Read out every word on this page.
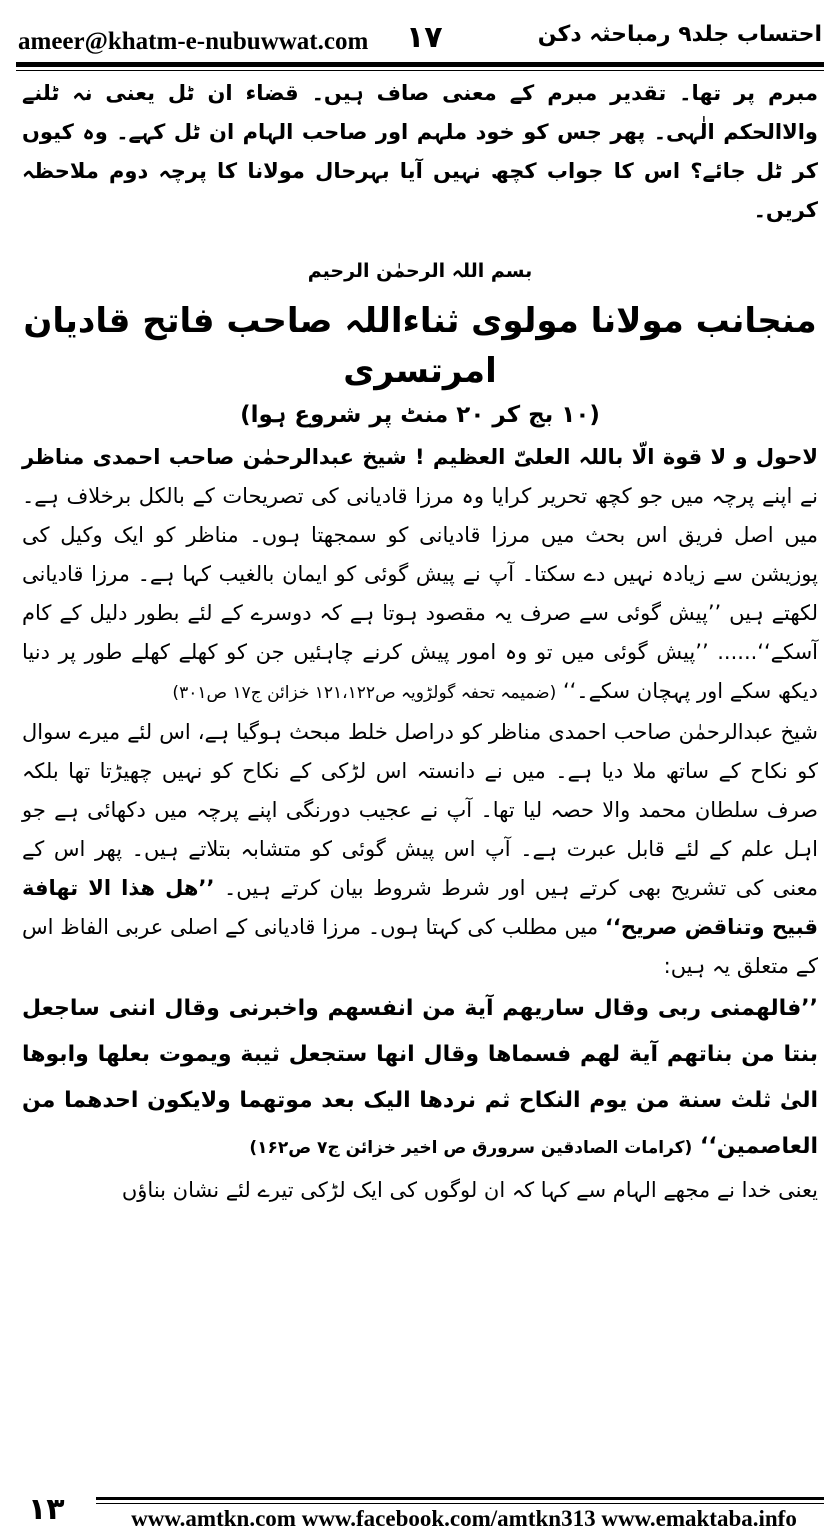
ameer@khatm-e-nubuwwat.com ۱۷	احتساب جلد۹ رمباحثہ دکن

مبرم پر تھا۔ تقدیر مبرم کے معنی صاف ہیں۔ قضاء ان ٹل یعنی نہ ٹلنے والاالحکم الٰہی۔ پھر جس کو خود ملہم اور صاحب الہام ان ٹل کہے۔ وہ کیوں کر ٹل جائے؟ اس کا جواب کچھ نہیں آیا بہرحال مولانا کا پرچہ دوم ملاحظہ کریں۔

بسم اللہ الرحمٰن الرحیم
منجانب مولانا مولوی ثناءاللہ صاحب فاتح قادیان امرتسری
(۱۰ بج کر ۲۰ منٹ پر شروع ہوا)

لاحول و لا قوة الّا باللہ العلیّ العظیم ! شیخ عبدالرحمٰن صاحب احمدی مناظر نے اپنے پرچہ میں جو کچھ تحریر کرایا وہ مرزا قادیانی کی تصریحات کے بالکل برخلاف ہے۔ میں اصل فریق اس بحث میں مرزا قادیانی کو سمجھتا ہوں۔ مناظر کو ایک وکیل کی پوزیشن سے زیادہ نہیں دے سکتا۔ آپ نے پیش گوئی کو ایمان بالغیب کہا ہے۔ مرزا قادیانی لکھتے ہیں ’’پیش گوئی سے صرف یہ مقصود ہوتا ہے کہ دوسرے کے لئے بطور دلیل کے کام آسکے‘‘...... ’’پیش گوئی میں تو وہ امور پیش کرنے چاہئیں جن کو کھلے کھلے طور پر دنیا دیکھ سکے اور پہچان سکے۔‘‘ (ضمیمہ تحفہ گولڑویہ ص۱۲۱،۱۲۲ خزائن ج۱۷ ص۳۰۱)

شیخ عبدالرحمٰن صاحب احمدی مناظر کو دراصل خلط مبحث ہوگیا ہے، اس لئے میرے سوال کو نکاح کے ساتھ ملا دیا ہے۔ میں نے دانستہ اس لڑکی کے نکاح کو نہیں چھیڑتا تھا بلکہ صرف سلطان محمد والا حصہ لیا تھا۔ آپ نے عجیب دورنگی اپنے پرچہ میں دکھائی ہے جو اہل علم کے لئے قابل عبرت ہے۔ آپ اس پیش گوئی کو متشابہ بتلاتے ہیں۔ پھر اس کے معنی کی تشریح بھی کرتے ہیں اور شرط شروط بیان کرتے ہیں۔ ’’ھل ھذا الا تھافة قبیح وتناقض صریح‘‘ میں مطلب کی کہتا ہوں۔ مرزا قادیانی کے اصلی عربی الفاظ اس کے متعلق یہ ہیں:

’’فالھمنی ربی وقال ساریھم آیة من انفسھم واخبرنی وقال اننی ساجعل بنتا من بناتھم آیة لھم فسماھا وقال انھا ستجعل ثیبة ویموت بعلھا وابوھا الیٰ ثلث سنة من یوم النکاح ثم نردھا الیک بعد موتھما ولایکون احدھما من العاصمین‘‘ (کرامات الصادقین سرورق ص اخیر خزائن ج۷ ص۱۶۲)

یعنی خدا نے مجھے الہام سے کہا کہ ان لوگوں کی ایک لڑکی تیرے لئے نشان بناؤں

۱۳	www.amtkn.com www.facebook.com/amtkn313 www.emaktaba.info
